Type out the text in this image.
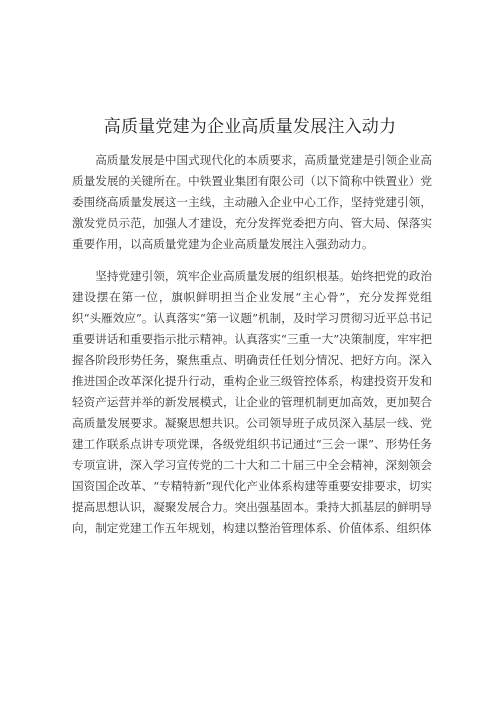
高质量党建为企业高质量发展注入动力

高质量发展是中国式现代化的本质要求，高质量党建是引领企业高质量发展的关键所在。中铁置业集团有限公司（以下简称中铁置业）党委围绕高质量发展这一主线，主动融入企业中心工作，坚持党建引领，激发党员示范，加强人才建设，充分发挥党委把方向、管大局、保落实重要作用，以高质量党建为企业高质量发展注入强劲动力。

坚持党建引领，筑牢企业高质量发展的组织根基。始终把党的政治建设摆在第一位，旗帜鲜明担当企业发展“主心骨”，充分发挥党组织“头雁效应”。认真落实“第一议题”机制，及时学习贯彻习近平总书记重要讲话和重要指示批示精神。认真落实“三重一大”决策制度，牢牢把握各阶段形势任务，聚焦重点、明确责任任划分情况、把好方向。深入推进国企改革深化提升行动，重构企业三级管控体系，构建投资开发和轻资产运营并举的新发展模式，让企业的管理机制更加高效，更加契合高质量发展要求。凝聚思想共识。公司领导班子成员深入基层一线、党建工作联系点讲专项党课，各级党组织书记通过“三会一课”、形势任务专项宣讲，深入学习宣传党的二十大和二十届三中全会精神，深刻领会国资国企改革、“专精特新”现代化产业体系构建等重要安排要求，切实提高思想认识，凝聚发展合力。突出强基固本。秉持大抓基层的鲜明导向，制定党建工作五年规划，构建以整治管理体系、价值体系、组织体
